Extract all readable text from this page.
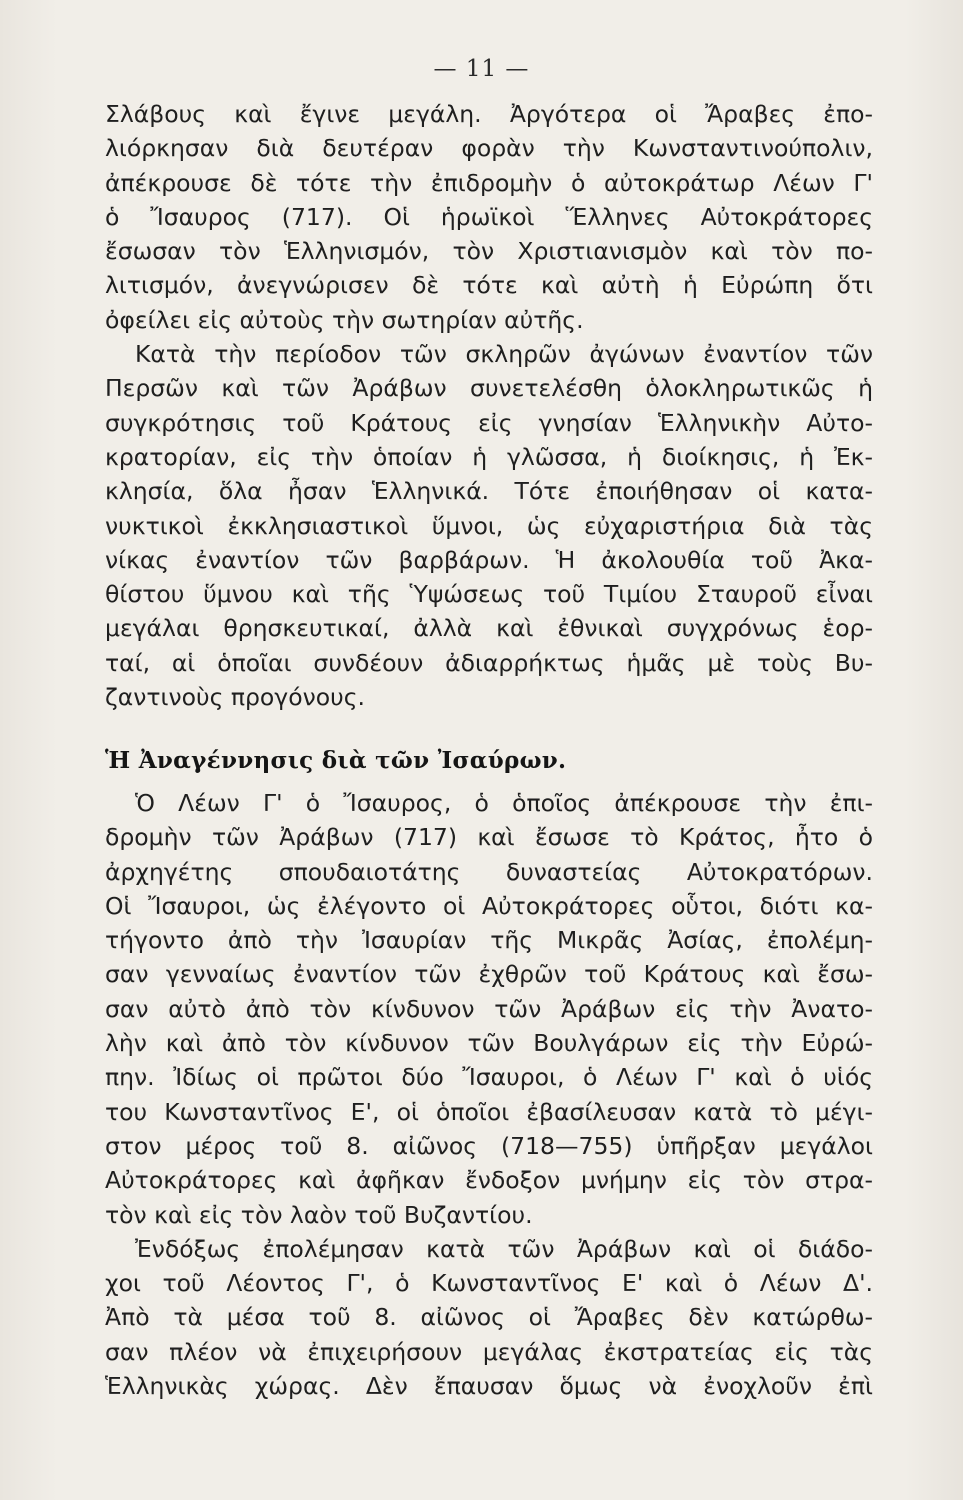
— 11 —
Σλάβους καὶ ἔγινε μεγάλη. Ἀργότερα οἱ Ἄραβες ἐπο-
λιόρκησαν διὰ δευτέραν φορὰν τὴν Κωνσταντινούπολιν,
ἀπέκρουσε δὲ τότε τὴν ἐπιδρομὴν ὁ αὐτοκράτωρ Λέων Γ'
ὁ Ἴσαυρος (717). Οἱ ἡρωϊκοὶ Ἕλληνες Αὐτοκράτορες
ἔσωσαν τὸν Ἑλληνισμόν, τὸν Χριστιανισμὸν καὶ τὸν πο-
λιτισμόν, ἀνεγνώρισεν δὲ τότε καὶ αὐτὴ ἡ Εὐρώπη ὅτι
ὀφείλει εἰς αὐτοὺς τὴν σωτηρίαν αὐτῆς.
Κατὰ τὴν περίοδον τῶν σκληρῶν ἀγώνων ἐναντίον τῶν
Περσῶν καὶ τῶν Ἀράβων συνετελέσθη ὁλοκληρωτικῶς ἡ
συγκρότησις τοῦ Κράτους εἰς γνησίαν Ἑλληνικὴν Αὐτο-
κρατορίαν, εἰς τὴν ὁποίαν ἡ γλῶσσα, ἡ διοίκησις, ἡ Ἐκ-
κλησία, ὅλα ἦσαν Ἑλληνικά. Τότε ἐποιήθησαν οἱ κατα-
νυκτικοὶ ἐκκλησιαστικοὶ ὕμνοι, ὡς εὐχαριστήρια διὰ τὰς
νίκας ἐναντίον τῶν βαρβάρων. Ἡ ἀκολουθία τοῦ Ἀκα-
θίστου ὕμνου καὶ τῆς Ὑψώσεως τοῦ Τιμίου Σταυροῦ εἶναι
μεγάλαι θρησκευτικαί, ἀλλὰ καὶ ἐθνικαὶ συγχρόνως ἑορ-
ταί, αἱ ὁποῖαι συνδέουν ἀδιαρρήκτως ἡμᾶς μὲ τοὺς Βυ-
ζαντινοὺς προγόνους.
Ἡ Ἀναγέννησις διὰ τῶν Ἰσαύρων.
Ὁ Λέων Γ' ὁ Ἴσαυρος, ὁ ὁποῖος ἀπέκρουσε τὴν ἐπι-
δρομὴν τῶν Ἀράβων (717) καὶ ἔσωσε τὸ Κράτος, ἦτο ὁ
ἀρχηγέτης σπουδαιοτάτης δυναστείας Αὐτοκρατόρων.
Οἱ Ἴσαυροι, ὡς ἐλέγοντο οἱ Αὐτοκράτορες οὗτοι, διότι κα-
τήγοντο ἀπὸ τὴν Ἰσαυρίαν τῆς Μικρᾶς Ἀσίας, ἐπολέμη-
σαν γενναίως ἐναντίον τῶν ἐχθρῶν τοῦ Κράτους καὶ ἔσω-
σαν αὐτὸ ἀπὸ τὸν κίνδυνον τῶν Ἀράβων εἰς τὴν Ἀνατο-
λὴν καὶ ἀπὸ τὸν κίνδυνον τῶν Βουλγάρων εἰς τὴν Εὐρώ-
πην. Ἰδίως οἱ πρῶτοι δύο Ἴσαυροι, ὁ Λέων Γ' καὶ ὁ υἱός
του Κωνσταντῖνος Ε', οἱ ὁποῖοι ἐβασίλευσαν κατὰ τὸ μέγι-
στον μέρος τοῦ 8. αἰῶνος (718—755) ὑπῆρξαν μεγάλοι
Αὐτοκράτορες καὶ ἀφῆκαν ἔνδοξον μνήμην εἰς τὸν στρα-
τὸν καὶ εἰς τὸν λαὸν τοῦ Βυζαντίου.
Ἐνδόξως ἐπολέμησαν κατὰ τῶν Ἀράβων καὶ οἱ διάδο-
χοι τοῦ Λέοντος Γ', ὁ Κωνσταντῖνος Ε' καὶ ὁ Λέων Δ'.
Ἀπὸ τὰ μέσα τοῦ 8. αἰῶνος οἱ Ἄραβες δὲν κατώρθω-
σαν πλέον νὰ ἐπιχειρήσουν μεγάλας ἐκστρατείας εἰς τὰς
Ἑλληνικὰς χώρας. Δὲν ἔπαυσαν ὅμως νὰ ἐνοχλοῦν ἐπὶ
